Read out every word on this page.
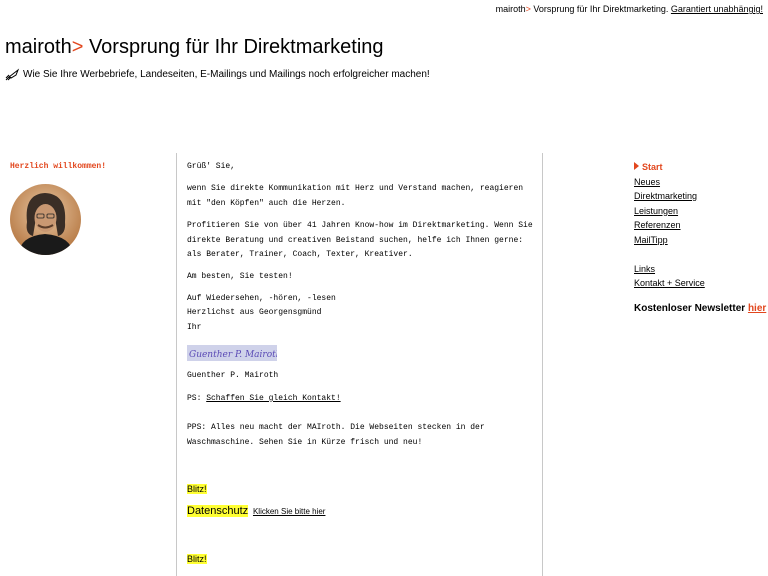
mairoth> Vorsprung für Ihr Direktmarketing. Garantiert unabhängig!
mairoth> Vorsprung für Ihr Direktmarketing
Wie Sie Ihre Werbebriefe, Landeseiten, E-Mailings und Mailings noch erfolgreicher machen!
Herzlich willkommen!	Grüß' Sie,

wenn Sie direkte Kommunikation mit Herz und Verstand machen, reagieren mit "den Köpfen" auch die Herzen.

Profitieren Sie von über 41 Jahren Know-how im Direktmarketing. Wenn Sie direkte Beratung und creativen Beistand suchen, helfe ich Ihnen gerne: als Berater, Trainer, Coach, Texter, Kreativer.

Am besten, Sie testen!

Auf Wiedersehen, -hören, -lesen

Herzlichst aus Georgensgmünd

Ihr

Guenther P. Mairoth

Guenther P. Mairoth

PS: Schaffen Sie gleich Kontakt!

PPS: Alles neu macht der MAIroth. Die Webseiten stecken in der Waschmaschine. Sehen Sie in Kürze frisch und neu!

Blitz!

Datenschutz Klicken Sie bitte hier

Blitz!

Start
Neues
Direktmarketing
Leistungen
Referenzen
MailTipp
Links
Kontakt + Service
Kostenloser Newsletter hier
